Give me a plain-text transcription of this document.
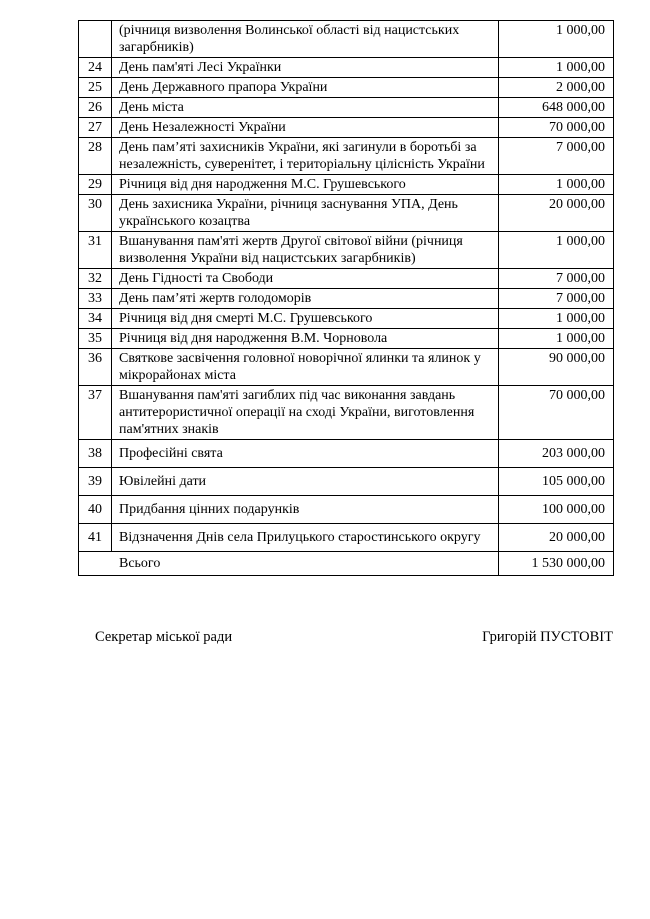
	(річниця визволення Волинської області від нацистських загарбників)	1 000,00
24	День пам'яті Лесі Українки	1 000,00
25	День Державного прапора України	2 000,00
26	День міста	648 000,00
27	День Незалежності України	70 000,00
28	День пам’яті захисників України, які загинули в боротьбі за незалежність, суверенітет, і територіальну цілісність України	7 000,00
29	Річниця від дня народження М.С. Грушевського	1 000,00
30	День захисника України, річниця заснування УПА, День українського козацтва	20 000,00
31	Вшанування пам'яті жертв Другої світової війни (річниця визволення України від нацистських загарбників)	1 000,00
32	День Гідності та Свободи	7 000,00
33	День пам’яті жертв голодоморів	7 000,00
34	Річниця від дня смерті М.С. Грушевського	1 000,00
35	Річниця від дня народження В.М. Чорновола	1 000,00
36	Святкове засвічення головної новорічної ялинки та ялинок у мікрорайонах міста	90 000,00
37	Вшанування пам'яті загиблих під час виконання завдань антитерористичної операції на сході України, виготовлення пам'ятних знаків	70 000,00
38	Професійні свята	203 000,00
39	Ювілейні дати	105 000,00
40	Придбання цінних подарунків	100 000,00
41	Відзначення Днів села Прилуцького старостинського округу	20 000,00
Всього		1 530 000,00
Секретар міської ради	Григорій ПУСТОВІТ
